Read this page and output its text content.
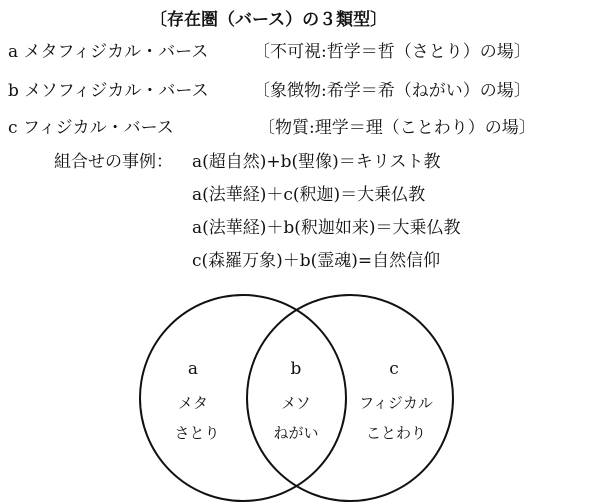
〔存在圏（バース）の３類型〕
a メタフィジカル・バース	〔不可視:哲学＝哲（さとり）の場〕
b メソフィジカル・バース	〔象徴物:希学＝希（ねがい）の場〕
c フィジカル・バース	〔物質:理学＝理（ことわり）の場〕
組合せの事例： a(超自然)+b(聖像)＝キリスト教
a(法華経)＋c(釈迦)＝大乗仏教
a(法華経)＋b(釈迦如来)＝大乗仏教
c(森羅万象)＋b(霊魂)=自然信仰
a
メタ
さとり
b
メソ
ねがい
c
フィジカル
ことわり
